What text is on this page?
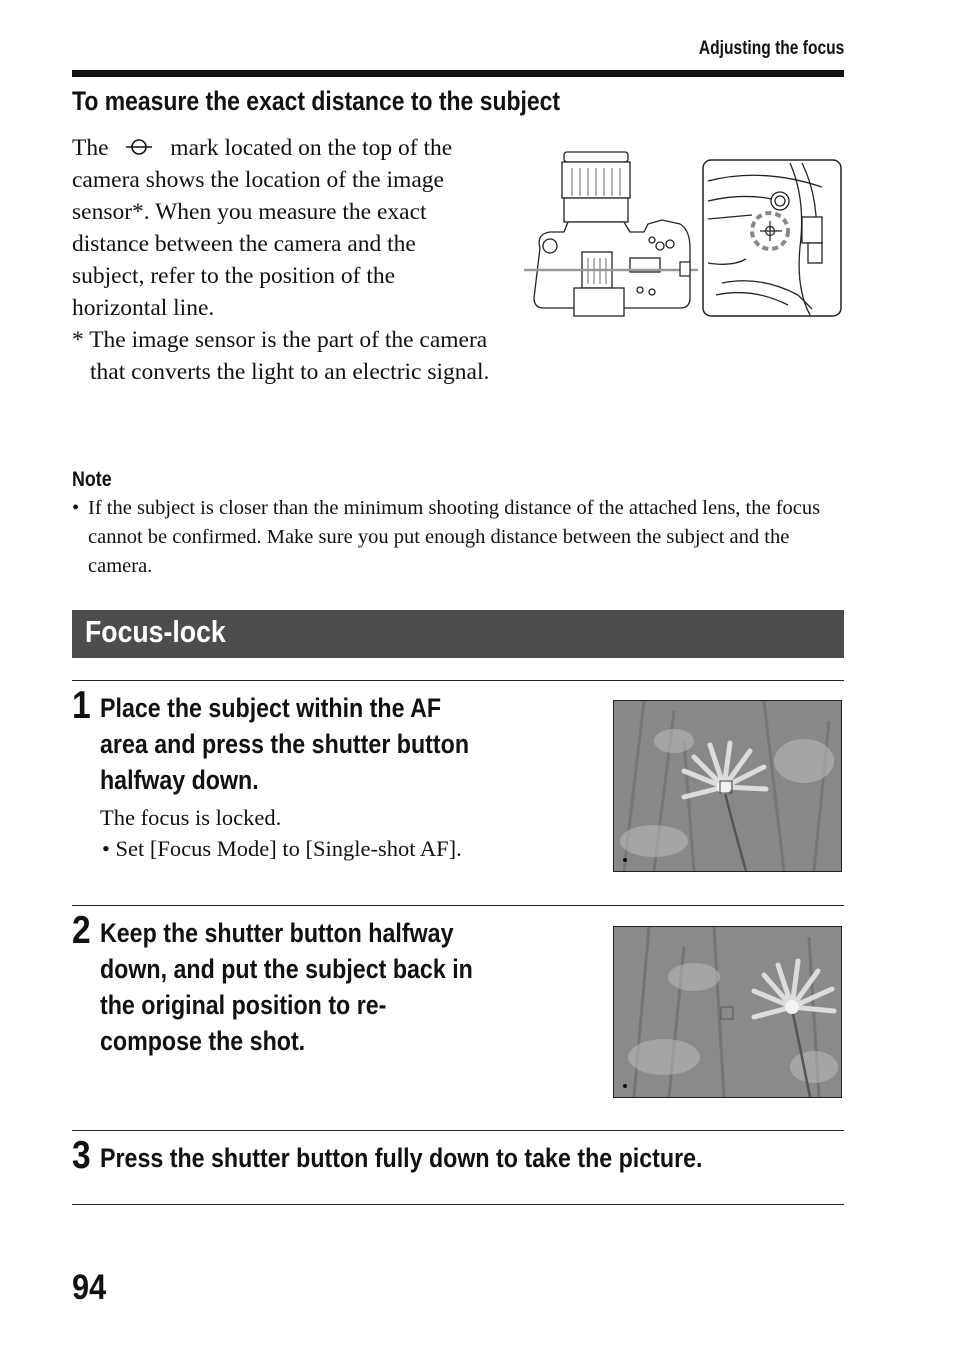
Adjusting the focus
To measure the exact distance to the subject

The	mark located on the top of the camera shows the location of the image sensor*. When you measure the exact distance between the camera and the subject, refer to the position of the horizontal line.

* The image sensor is the part of the camera that converts the light to an electric signal.

Note
• If the subject is closer than the minimum shooting distance of the attached lens, the focus cannot be confirmed. Make sure you put enough distance between the subject and the camera.
Focus-lock
1 Place the subject within the AF
area and press the shutter button
halfway down.
The focus is locked.
• Set [Focus Mode] to [Single-shot AF].
2 Keep the shutter button halfway
down, and put the subject back in
the original position to re-
compose the shot.
3 Press the shutter button fully down to take the picture.
94
